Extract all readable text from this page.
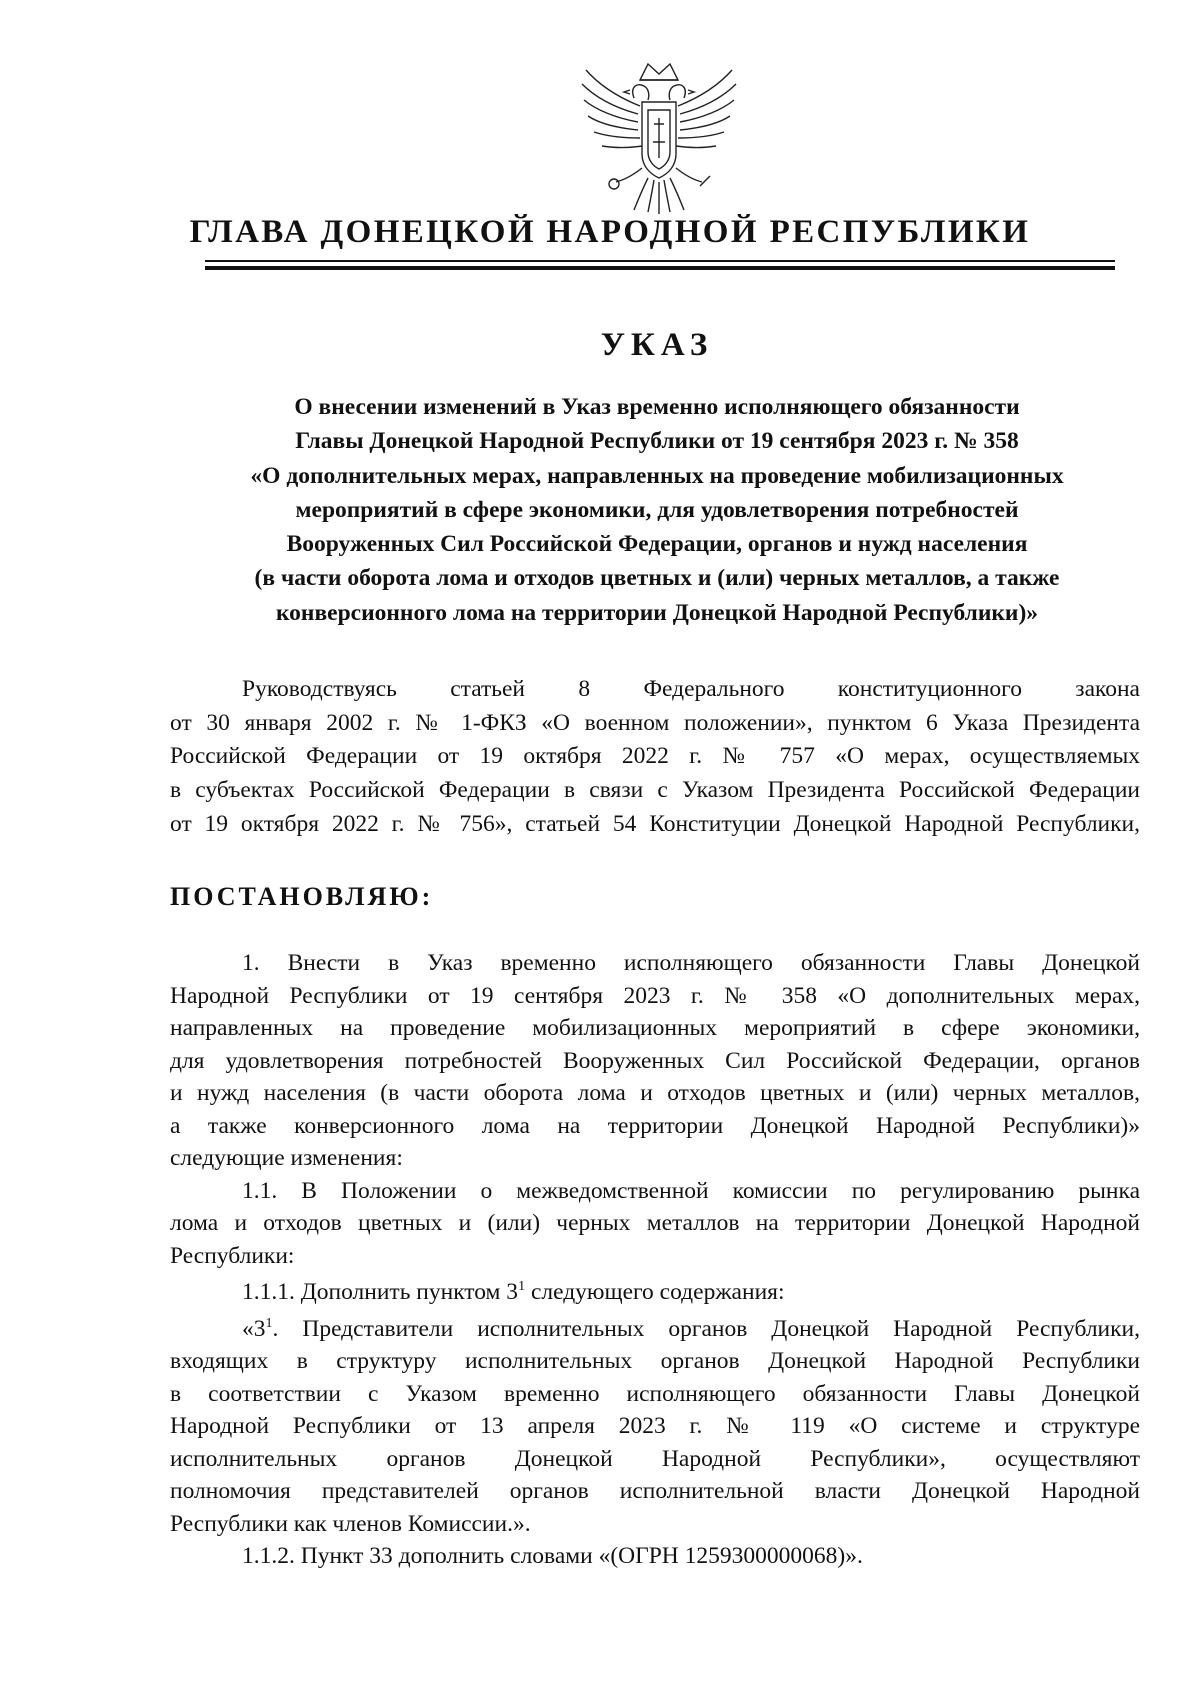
ГЛАВА ДОНЕЦКОЙ НАРОДНОЙ РЕСПУБЛИКИ
УКАЗ
О внесении изменений в Указ временно исполняющего обязанности
Главы Донецкой Народной Республики от 19 сентября 2023 г. № 358
«О дополнительных мерах, направленных на проведение мобилизационных
мероприятий в сфере экономики, для удовлетворения потребностей
Вооруженных Сил Российской Федерации, органов и нужд населения
(в части оборота лома и отходов цветных и (или) черных металлов, а также
конверсионного лома на территории Донецкой Народной Республики)»
Руководствуясь статьей 8 Федерального конституционного закона
от 30 января 2002 г. № 1-ФКЗ «О военном положении», пунктом 6 Указа Президента
Российской Федерации от 19 октября 2022 г. № 757 «О мерах, осуществляемых
в субъектах Российской Федерации в связи с Указом Президента Российской Федерации
от 19 октября 2022 г. № 756», статьей 54 Конституции Донецкой Народной Республики,
ПОСТАНОВЛЯЮ:
1. Внести в Указ временно исполняющего обязанности Главы Донецкой
Народной Республики от 19 сентября 2023 г. № 358 «О дополнительных мерах,
направленных на проведение мобилизационных мероприятий в сфере экономики,
для удовлетворения потребностей Вооруженных Сил Российской Федерации, органов
и нужд населения (в части оборота лома и отходов цветных и (или) черных металлов,
а также конверсионного лома на территории Донецкой Народной Республики)»
следующие изменения:
1.1. В Положении о межведомственной комиссии по регулированию рынка
лома и отходов цветных и (или) черных металлов на территории Донецкой Народной
Республики:
1.1.1. Дополнить пунктом $3^1$ следующего содержания:
«$3^1$. Представители исполнительных органов Донецкой Народной Республики,
входящих в структуру исполнительных органов Донецкой Народной Республики
в соответствии с Указом временно исполняющего обязанности Главы Донецкой
Народной Республики от 13 апреля 2023 г. № 119 «О системе и структуре
исполнительных органов Донецкой Народной Республики», осуществляют
полномочия представителей органов исполнительной власти Донецкой Народной
Республики как членов Комиссии.».
1.1.2. Пункт 33 дополнить словами «(ОГРН 1259300000068)».
